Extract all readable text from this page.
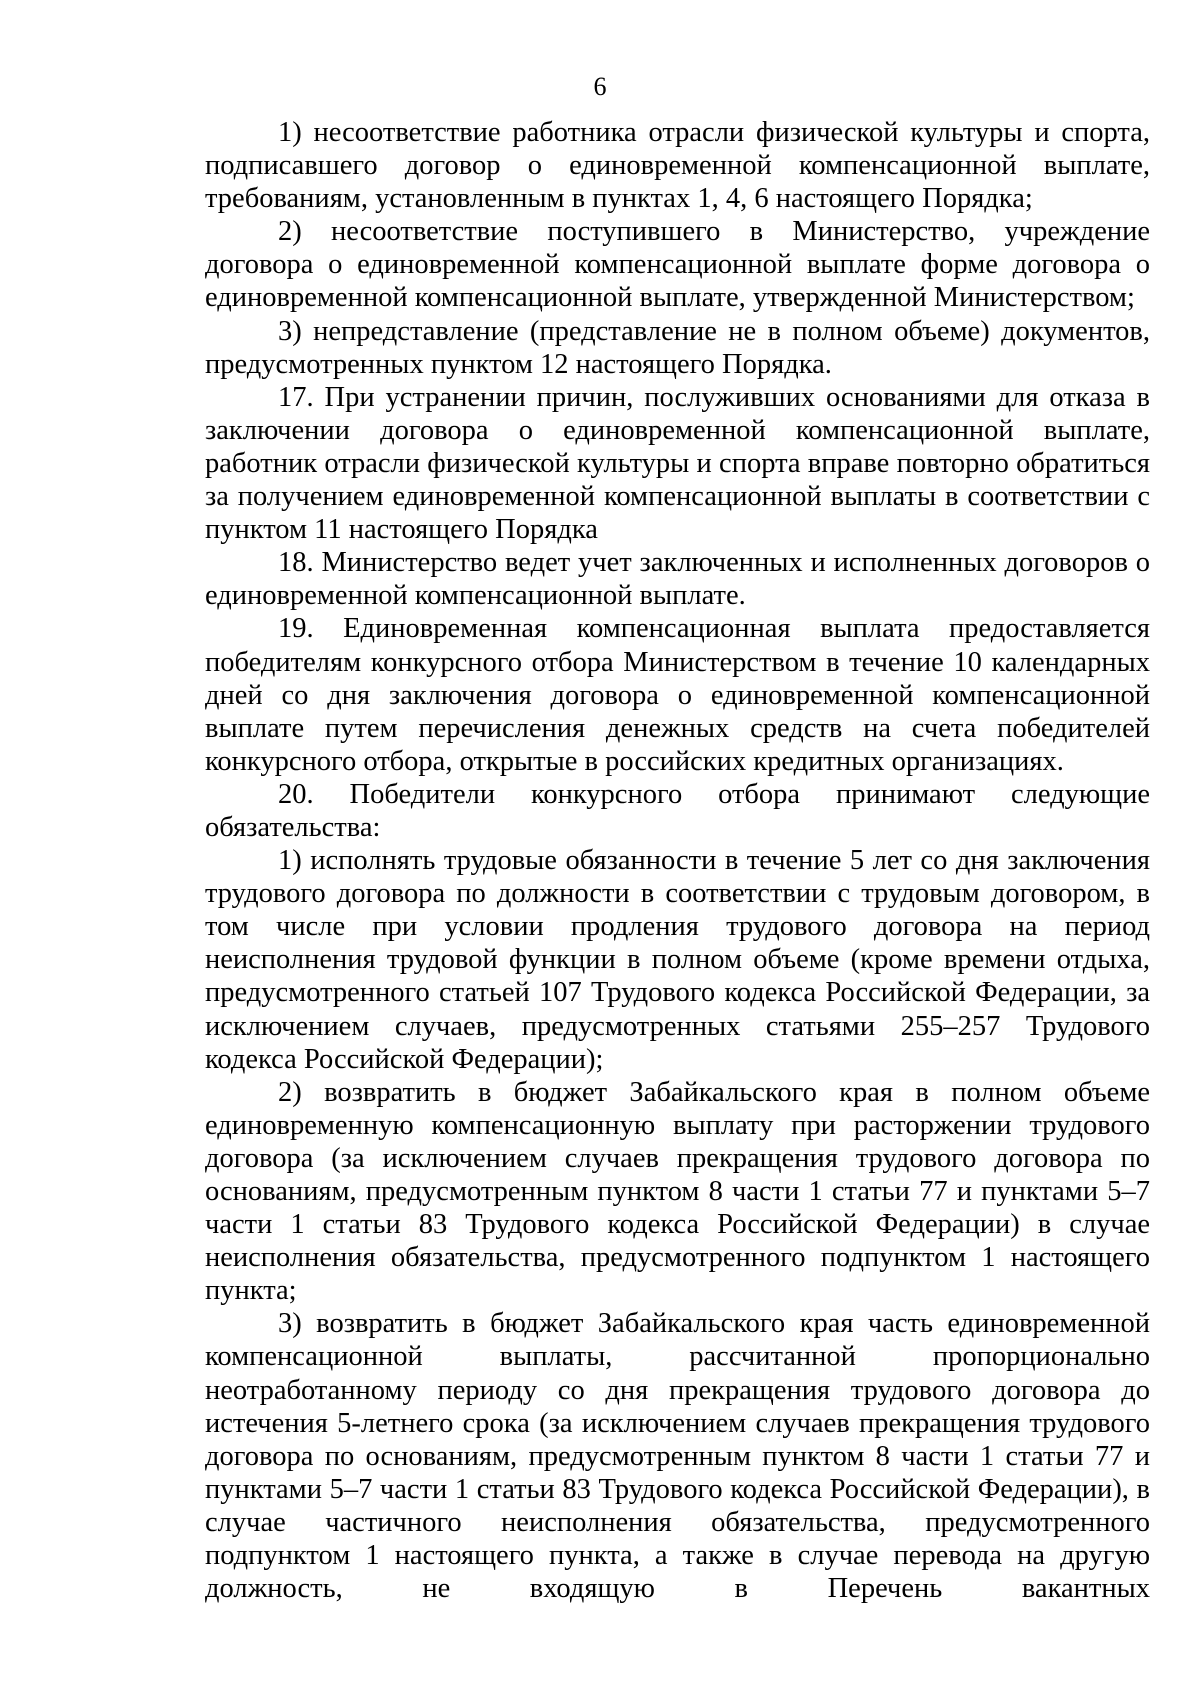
6

1) несоответствие работника отрасли физической культуры и спорта, подписавшего договор о единовременной компенсационной выплате, требованиям, установленным в пунктах 1, 4, 6 настоящего Порядка;

2) несоответствие поступившего в Министерство, учреждение договора о единовременной компенсационной выплате форме договора о единовременной компенсационной выплате, утвержденной Министерством;

3) непредставление (представление не в полном объеме) документов, предусмотренных пунктом 12 настоящего Порядка.

17. При устранении причин, послуживших основаниями для отказа в заключении договора о единовременной компенсационной выплате, работник отрасли физической культуры и спорта вправе повторно обратиться за получением единовременной компенсационной выплаты в соответствии с пунктом 11 настоящего Порядка

18. Министерство ведет учет заключенных и исполненных договоров о единовременной компенсационной выплате.

19. Единовременная компенсационная выплата предоставляется победителям конкурсного отбора Министерством в течение 10 календарных дней со дня заключения договора о единовременной компенсационной выплате путем перечисления денежных средств на счета победителей конкурсного отбора, открытые в российских кредитных организациях.

20. Победители конкурсного отбора принимают следующие обязательства:

1) исполнять трудовые обязанности в течение 5 лет со дня заключения трудового договора по должности в соответствии с трудовым договором, в том числе при условии продления трудового договора на период неисполнения трудовой функции в полном объеме (кроме времени отдыха, предусмотренного статьей 107 Трудового кодекса Российской Федерации, за исключением случаев, предусмотренных статьями 255–257 Трудового кодекса Российской Федерации);

2) возвратить в бюджет Забайкальского края в полном объеме единовременную компенсационную выплату при расторжении трудового договора (за исключением случаев прекращения трудового договора по основаниям, предусмотренным пунктом 8 части 1 статьи 77 и пунктами 5–7 части 1 статьи 83 Трудового кодекса Российской Федерации) в случае неисполнения обязательства, предусмотренного подпунктом 1 настоящего пункта;

3) возвратить в бюджет Забайкальского края часть единовременной компенсационной выплаты, рассчитанной пропорционально неотработанному периоду со дня прекращения трудового договора до истечения 5-летнего срока (за исключением случаев прекращения трудового договора по основаниям, предусмотренным пунктом 8 части 1 статьи 77 и пунктами 5–7 части 1 статьи 83 Трудового кодекса Российской Федерации), в случае частичного неисполнения обязательства, предусмотренного подпунктом 1 настоящего пункта, а также в случае перевода на другую должность, не входящую в Перечень вакантных
